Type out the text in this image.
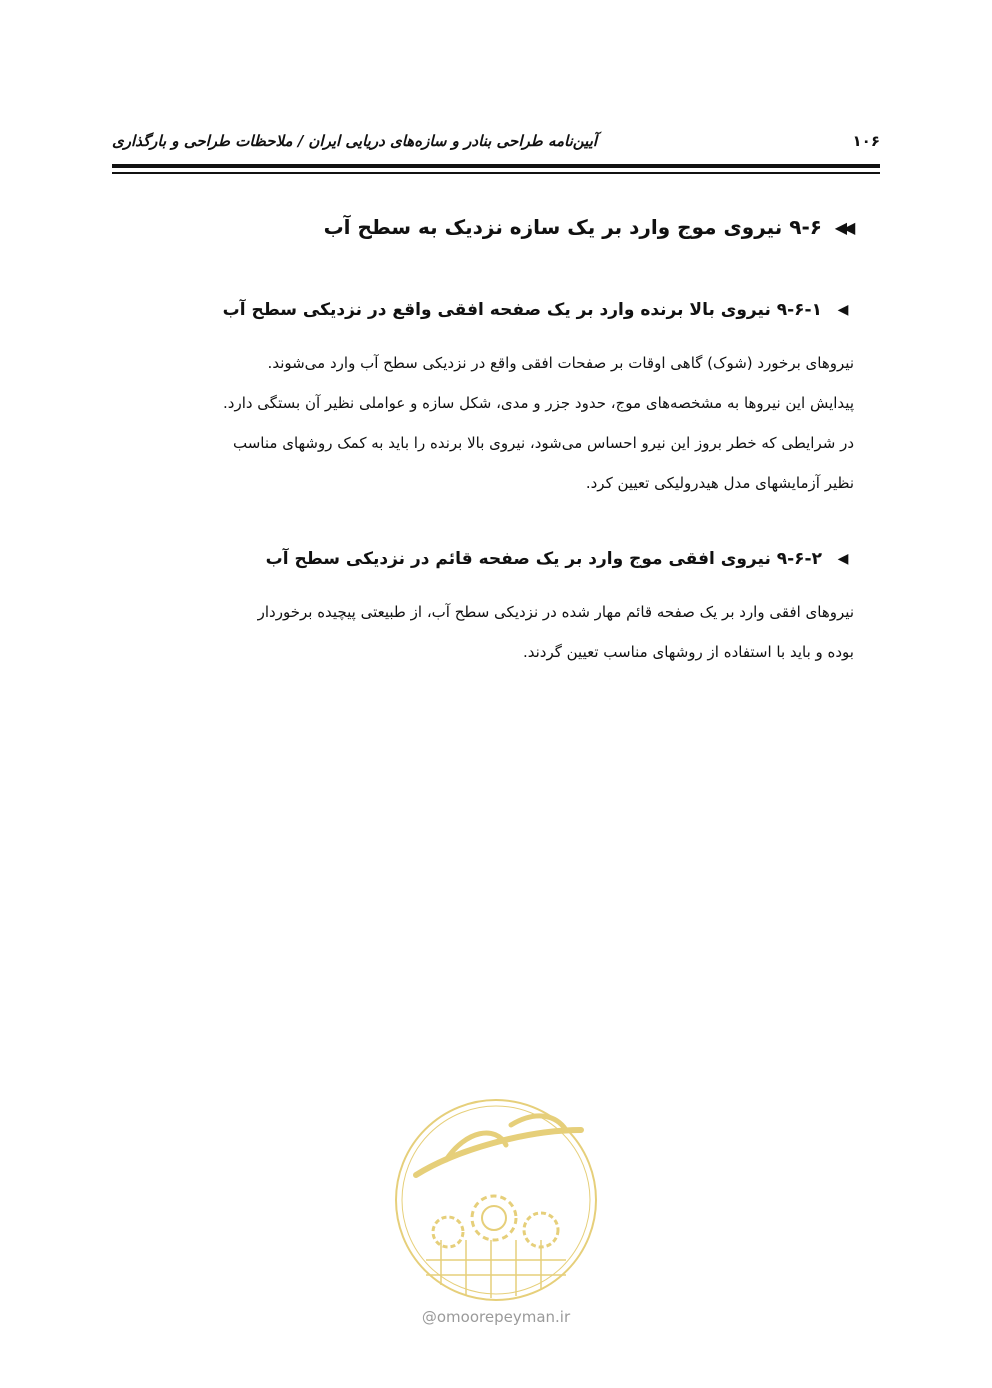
۱۰۶
آیین‌نامه طراحی بنادر و سازه‌های دریایی ایران / ملاحظات طراحی و بارگذاری
◀◀
۹-۶ نیروی موج وارد بر یک سازه نزدیک به سطح آب
◀
۹-۶-۱ نیروی بالا برنده وارد بر یک صفحه افقی واقع در نزدیکی سطح آب
نیروهای برخورد (شوک) گاهی اوقات بر صفحات افقی واقع در نزدیکی سطح آب وارد می‌شوند.
پیدایش این نیروها به مشخصه‌های موج، حدود جزر و مدی، شکل سازه و عواملی نظیر آن بستگی دارد.
در شرایطی که خطر بروز این نیرو احساس می‌شود، نیروی بالا برنده را باید به کمک روشهای مناسب
نظیر آزمایشهای مدل هیدرولیکی تعیین کرد.
◀
۹-۶-۲ نیروی افقی موج وارد بر یک صفحه قائم در نزدیکی سطح آب
نیروهای افقی وارد بر یک صفحه قائم مهار شده در نزدیکی سطح آب، از طبیعتی پیچیده برخوردار
بوده و باید با استفاده از روشهای مناسب تعیین گردند.
@omoorepeyman.ir
